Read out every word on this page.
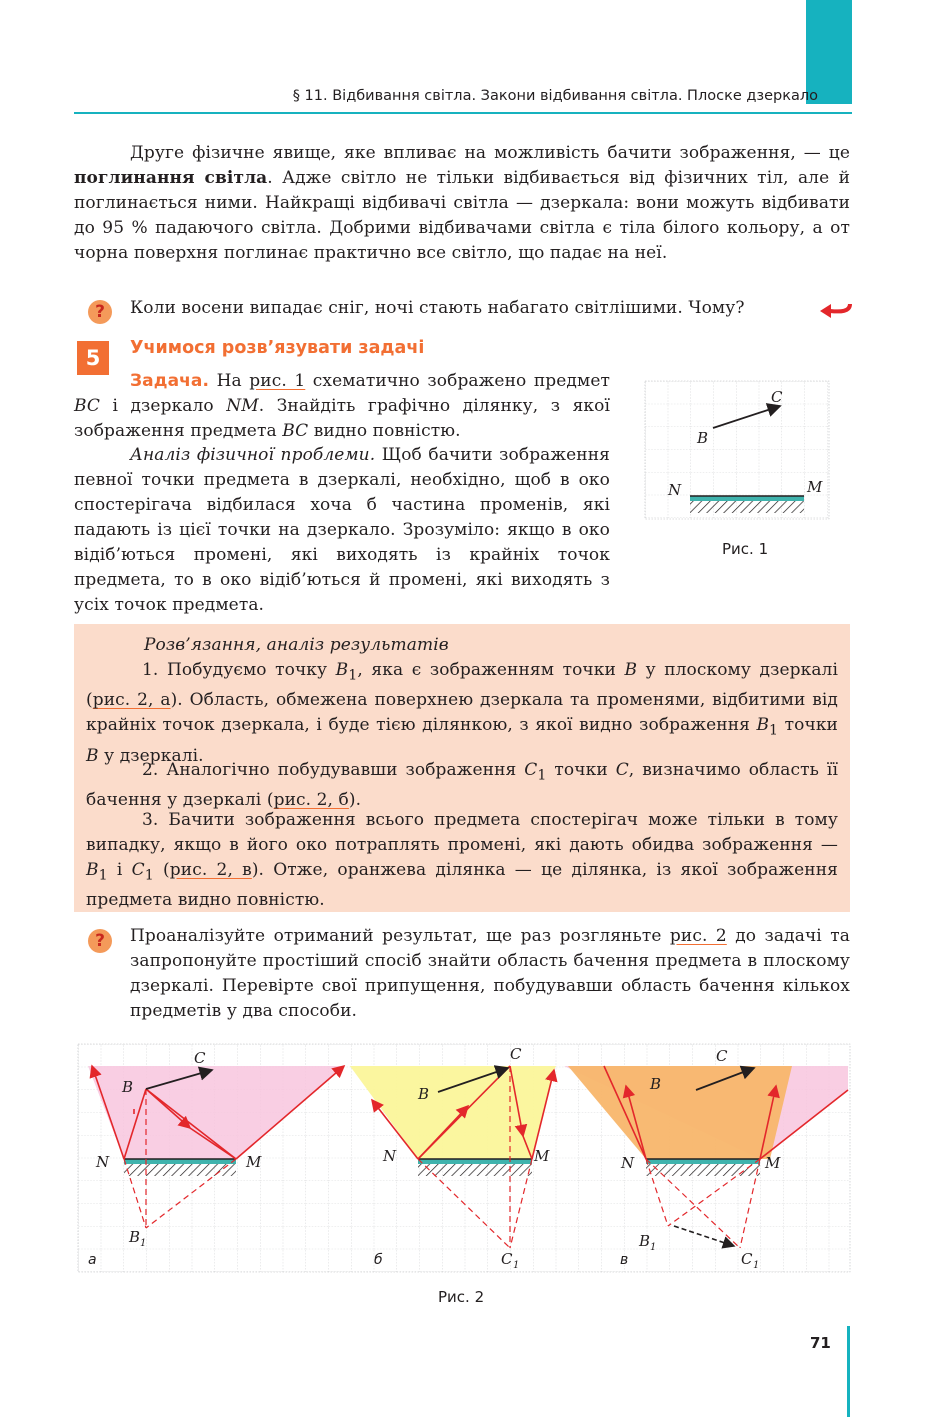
§ 11. Відбивання світла. Закони відбивання світла. Плоске дзеркало

Друге фізичне явище, яке впливає на можливість бачити зображення, — це поглинання світла. Адже світло не тільки відбивається від фізичних тіл, але й поглинається ними. Найкращі відбивачі світла — дзеркала: вони можуть відбивати до 95 % падаючого світла. Добрими відбивачами світла є тіла білого кольору, а от чорна поверхня поглинає практично все світло, що падає на неї.

?	Коли восени випадає сніг, ночі стають набагато світлішими. Чому?

5	Учимося розв’язувати задачі

Задача. На рис. 1 схематично зображено предмет BC і дзеркало NM. Знайдіть графічно ділянку, з якої зображення предмета BC видно повністю.

Аналіз фізичної проблеми. Щоб бачити зображення певної точки предмета в дзеркалі, необхідно, щоб в око спостерігача відбилася хоча б частина променів, які падають із цієї точки на дзеркало. Зрозуміло: якщо в око відіб’ються промені, які виходять із крайніх точок предмета, то в око відіб’ються й промені, які виходять з усіх точок предмета.

C
B
N	M
Рис. 1

Розв’язання, аналіз результатів

1. Побудуємо точку $B_1$, яка є зображенням точки B у плоскому дзеркалі (рис. 2, а). Область, обмежена поверхнею дзеркала та променями, відбитими від крайніх точок дзеркала, і буде тією ділянкою, з якої видно зображення $B_1$ точки B у дзеркалі.

2. Аналогічно побудувавши зображення $C_1$ точки C, визначимо область її бачення у дзеркалі (рис. 2, б).

3. Бачити зображення всього предмета спостерігач може тільки в тому випадку, якщо в його око потраплять промені, які дають обидва зображення — $B_1$ і $C_1$ (рис. 2, в). Отже, оранжева ділянка — це ділянка, із якої зображення предмета видно повністю.

?	Проаналізуйте отриманий результат, ще раз розгляньте рис. 2 до задачі та запропонуйте простіший спосіб знайти область бачення предмета в плоскому дзеркалі. Перевірте свої припущення, побудувавши область бачення кількох предметів у два способи.

C
B
N	M
B 1
а
C
B
N	M
C 1
б
C
B
N	M
B 1
C 1
в
Рис. 2
71
